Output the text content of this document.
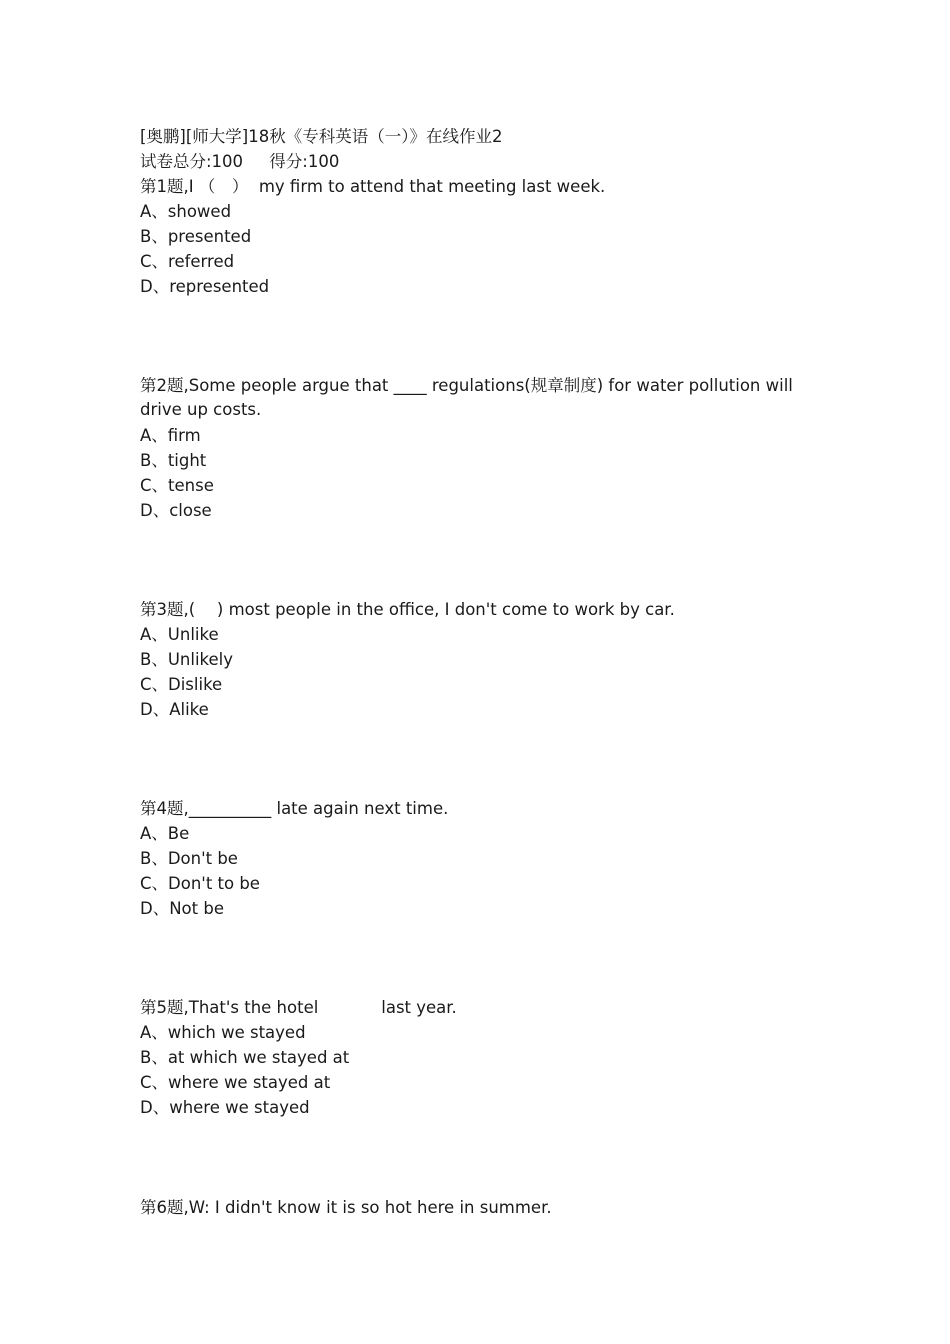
[奥鹏][师大学]18秋《专科英语（一）》在线作业2
试卷总分:100 得分:100
第1题,I （　）  my firm to attend that meeting last week.
A、showed
B、presented
C、referred
D、represented
第2题,Some people argue that ____ regulations(规章制度) for water pollution will drive up costs.
A、firm
B、tight
C、tense
D、close
第3题,(　 ) most people in the office, I don't come to work by car.
A、Unlike
B、Unlikely
C、Dislike
D、Alike
第4题,__________ late again next time.
A、Be
B、Don't be
C、Don't to be
D、Not be
第5题,That's the hotel            last year.
A、which we stayed
B、at which we stayed at
C、where we stayed at
D、where we stayed
第6题,W: I didn't know it is so hot here in summer.
